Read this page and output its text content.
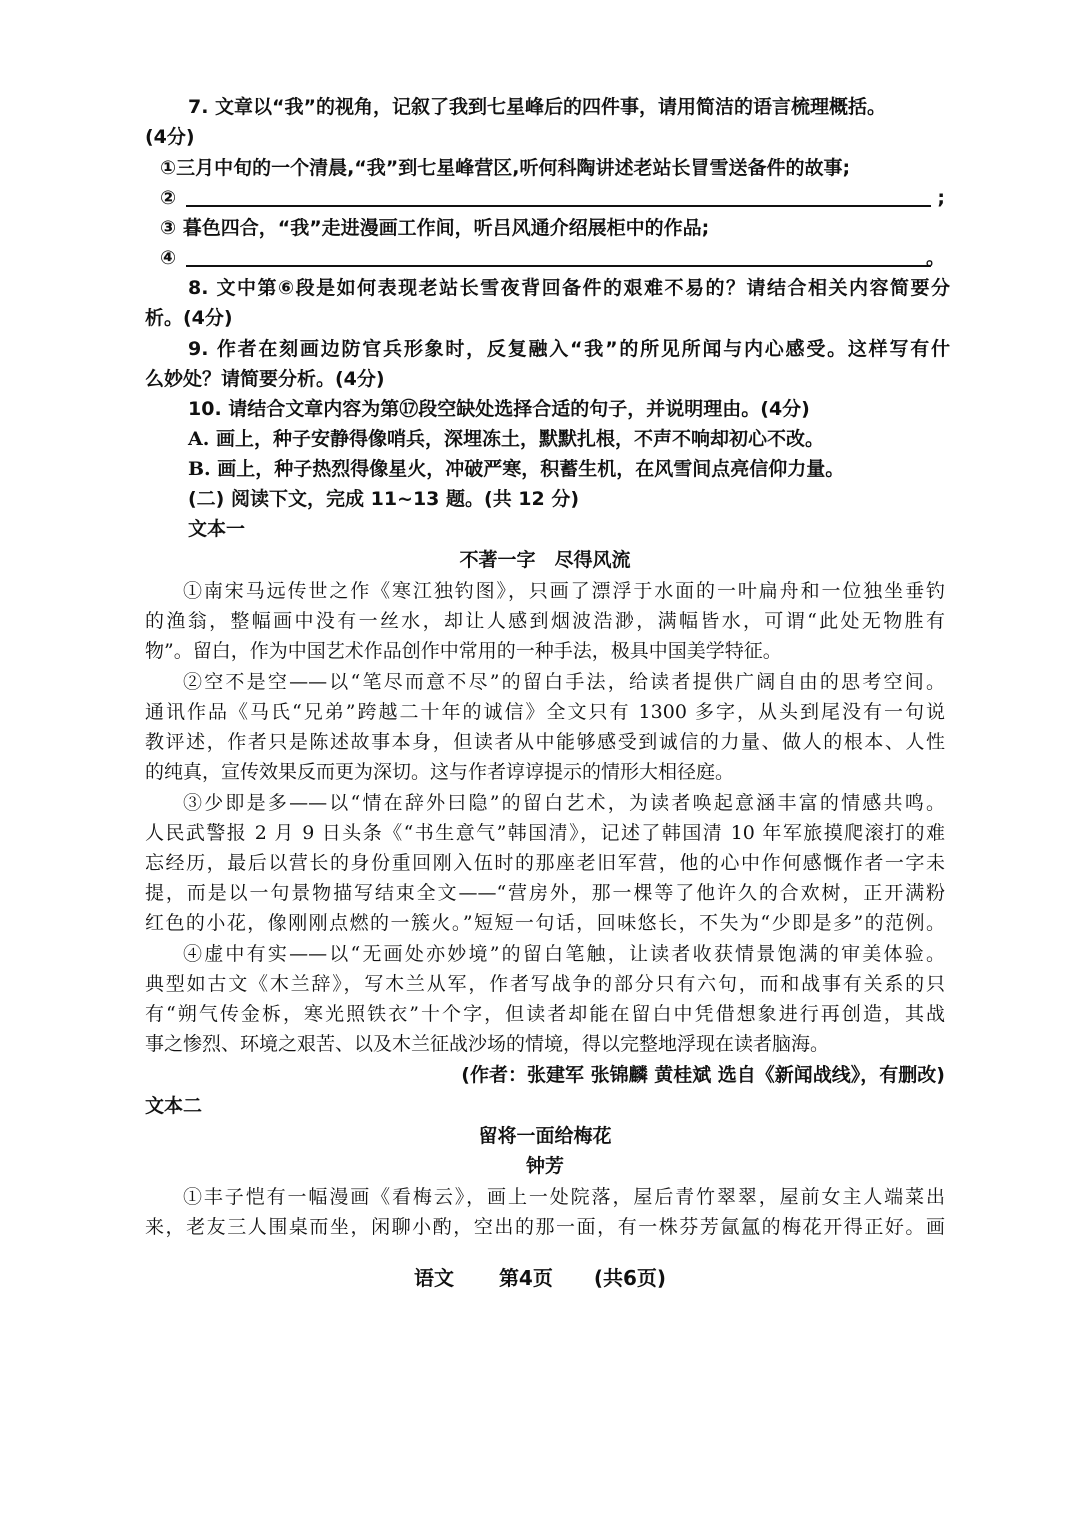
7. 文章以“我”的视角，记叙了我到七星峰后的四件事，请用简洁的语言梳理概括。
(4分)
①三月中旬的一个清晨,“我”到七星峰营区,听何科陶讲述老站长冒雪送备件的故事;
②	;
③ 暮色四合，“我”走进漫画工作间，听吕风通介绍展柜中的作品;
④	。
8. 文中第⑥段是如何表现老站长雪夜背回备件的艰难不易的？请结合相关内容简要分
析。(4分)
9. 作者在刻画边防官兵形象时，反复融入“我”的所见所闻与内心感受。这样写有什
么妙处？请简要分析。(4分)
10. 请结合文章内容为第⑰段空缺处选择合适的句子，并说明理由。(4分)
A. 画上，种子安静得像哨兵，深埋冻土，默默扎根，不声不响却初心不改。
B. 画上，种子热烈得像星火，冲破严寒，积蓄生机，在风雪间点亮信仰力量。
(二) 阅读下文，完成 11~13 题。(共 12 分)
文本一
不著一字　尽得风流
①南宋马远传世之作《寒江独钓图》，只画了漂浮于水面的一叶扁舟和一位独坐垂钓
的渔翁，整幅画中没有一丝水，却让人感到烟波浩渺，满幅皆水，可谓“此处无物胜有
物”。留白，作为中国艺术作品创作中常用的一种手法，极具中国美学特征。
②空不是空——以“笔尽而意不尽”的留白手法，给读者提供广阔自由的思考空间。
通讯作品《马氏“兄弟”跨越二十年的诚信》全文只有 1300 多字，从头到尾没有一句说
教评述，作者只是陈述故事本身，但读者从中能够感受到诚信的力量、做人的根本、人性
的纯真，宣传效果反而更为深切。这与作者谆谆提示的情形大相径庭。
③少即是多——以“情在辞外曰隐”的留白艺术，为读者唤起意涵丰富的情感共鸣。
人民武警报 2 月 9 日头条《“书生意气”韩国清》，记述了韩国清 10 年军旅摸爬滚打的难
忘经历，最后以营长的身份重回刚入伍时的那座老旧军营，他的心中作何感慨作者一字未
提，而是以一句景物描写结束全文——“营房外，那一棵等了他许久的合欢树，正开满粉
红色的小花，像刚刚点燃的一簇火。”短短一句话，回味悠长，不失为“少即是多”的范例。
④虚中有实——以“无画处亦妙境”的留白笔触，让读者收获情景饱满的审美体验。
典型如古文《木兰辞》，写木兰从军，作者写战争的部分只有六句，而和战事有关系的只
有“朔气传金柝，寒光照铁衣”十个字，但读者却能在留白中凭借想象进行再创造，其战
事之惨烈、环境之艰苦、以及木兰征战沙场的情境，得以完整地浮现在读者脑海。
(作者：张建军 张锦麟 黄桂斌 选自《新闻战线》，有删改)
文本二
留将一面给梅花
钟芳
①丰子恺有一幅漫画《看梅云》，画上一处院落，屋后青竹翠翠，屋前女主人端菜出
来，老友三人围桌而坐，闲聊小酌，空出的那一面，有一株芬芳氤氲的梅花开得正好。画
语文 第4页 (共6页)
